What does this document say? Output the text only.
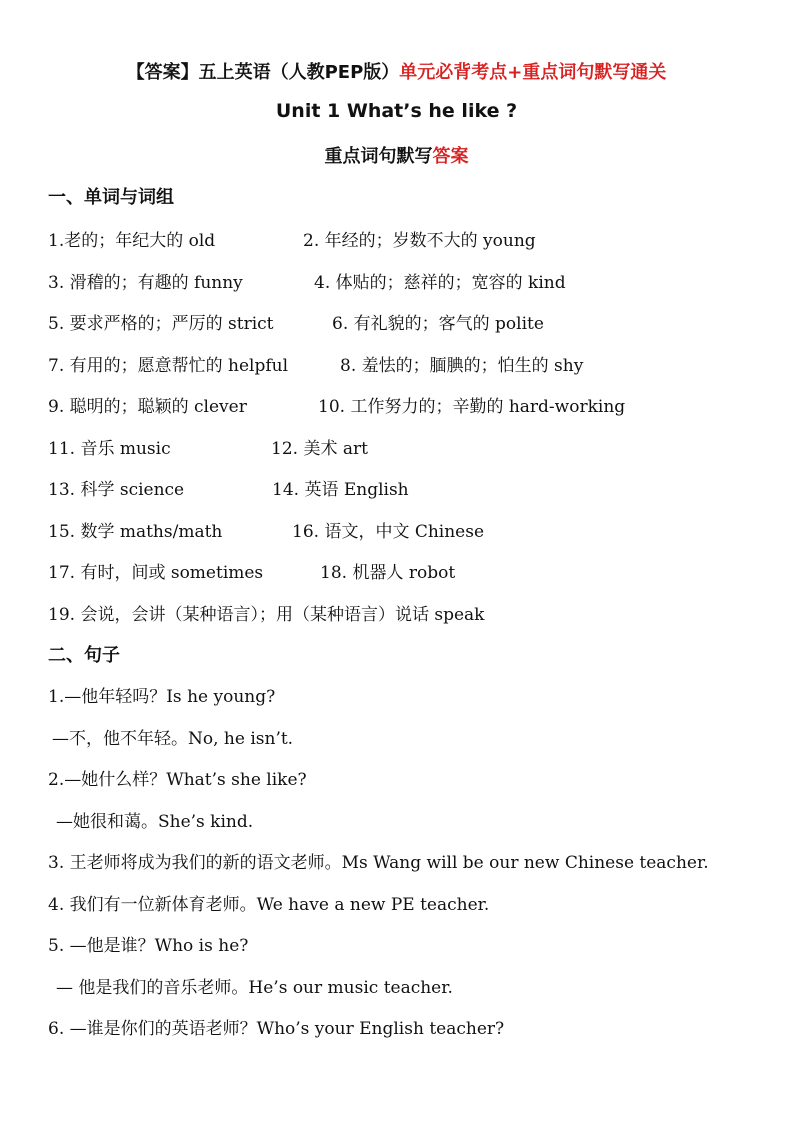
【答案】五上英语（人教PEP版）单元必背考点+重点词句默写通关
Unit 1 What’s he like ?
重点词句默写答案
一、单词与词组
1.老的；年纪大的 old	2. 年经的；岁数不大的 young
3. 滑稽的；有趣的 funny	4. 体贴的；慈祥的；宽容的 kind
5. 要求严格的；严厉的 strict	6. 有礼貌的；客气的 polite
7. 有用的；愿意帮忙的 helpful	8. 羞怯的；腼腆的；怕生的 shy
9. 聪明的；聪颖的 clever	10. 工作努力的；辛勤的 hard-working
11. 音乐 music	12. 美术 art
13. 科学 science	14. 英语 English
15. 数学 maths/math	16. 语文，中文 Chinese
17. 有时，间或 sometimes	18. 机器人 robot
19. 会说，会讲（某种语言）；用（某种语言）说话 speak
二、句子
1.—他年轻吗？Is he young?
—不，他不年轻。No, he isn’t.
2.—她什么样？What’s she like?
—她很和蔼。She’s kind.
3. 王老师将成为我们的新的语文老师。Ms Wang will be our new Chinese teacher.
4. 我们有一位新体育老师。We have a new PE teacher.
5. —他是谁？Who is he?
— 他是我们的音乐老师。He’s our music teacher.
6. —谁是你们的英语老师？Who’s your English teacher?
